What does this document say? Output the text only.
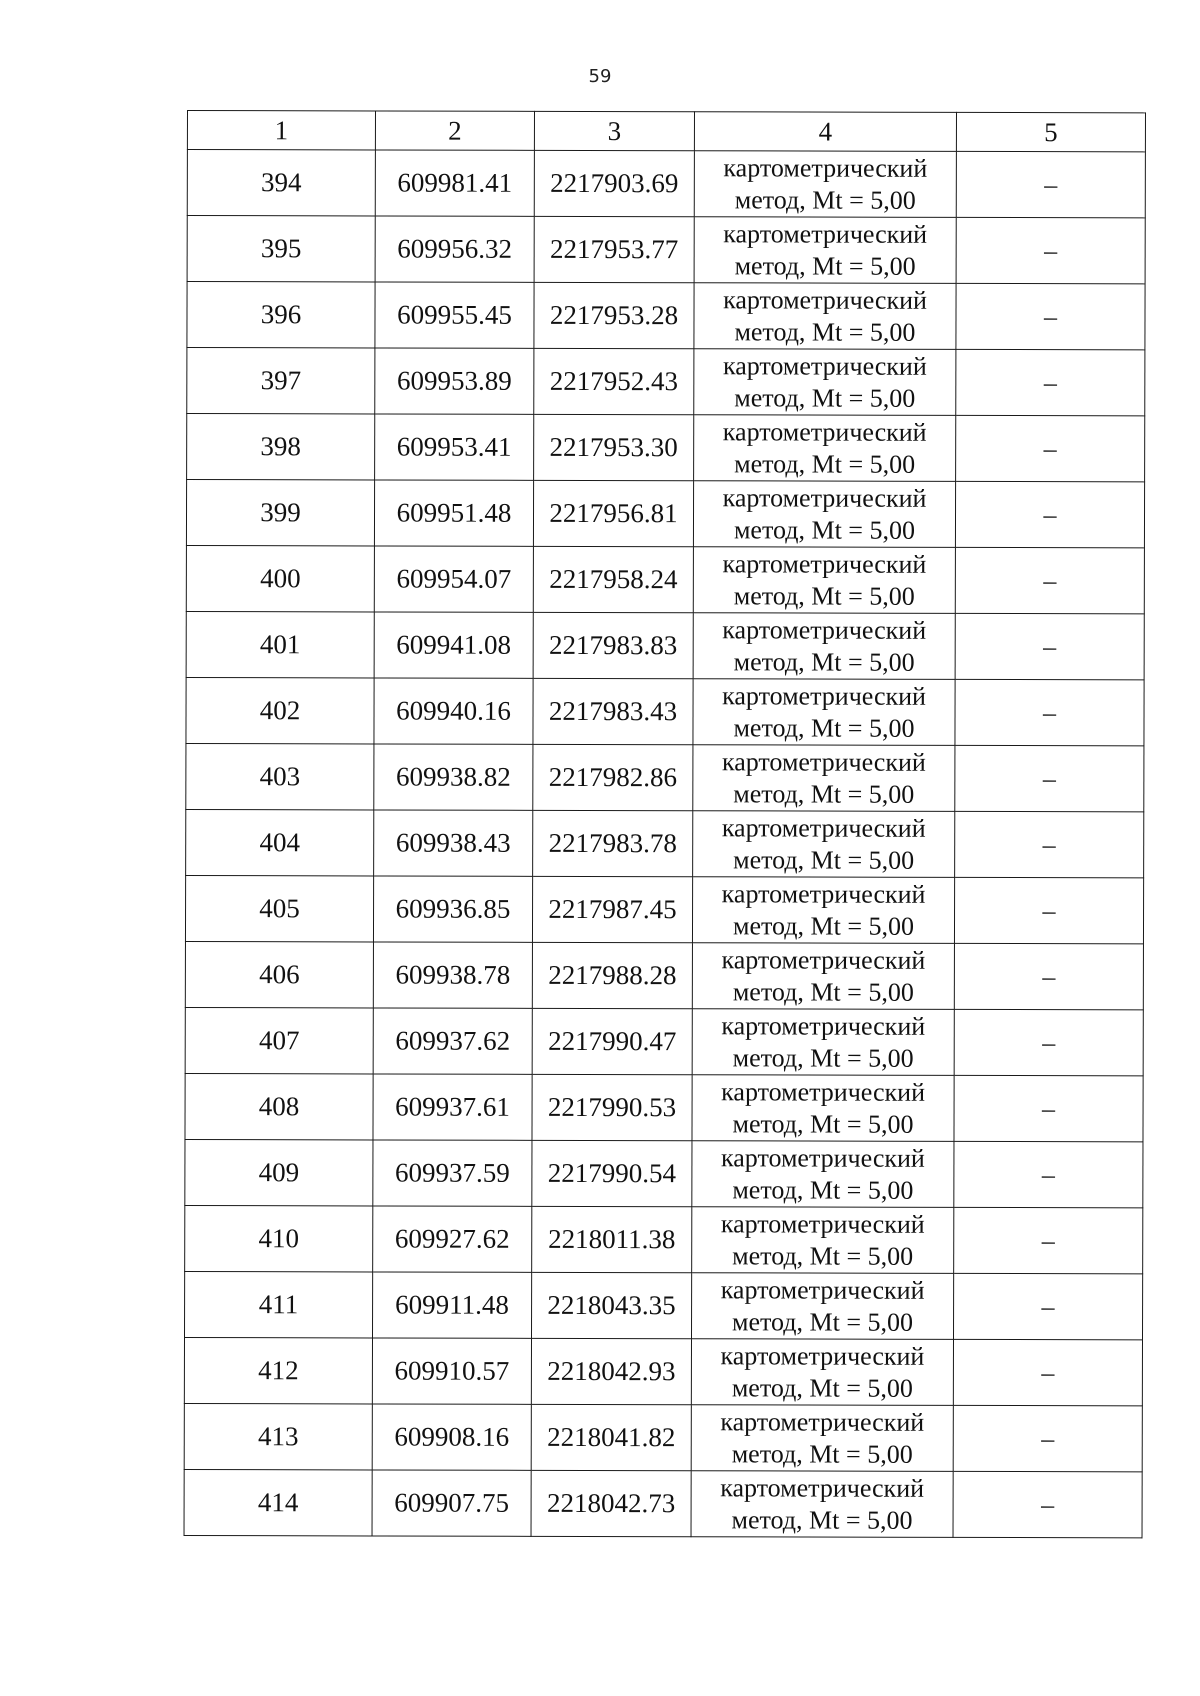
59
1	2	3	4	5
394	609981.41	2217903.69	картометрический
метод, Mt = 5,00	–
395	609956.32	2217953.77	картометрический
метод, Mt = 5,00	–
396	609955.45	2217953.28	картометрический
метод, Mt = 5,00	–
397	609953.89	2217952.43	картометрический
метод, Mt = 5,00	–
398	609953.41	2217953.30	картометрический
метод, Mt = 5,00	–
399	609951.48	2217956.81	картометрический
метод, Mt = 5,00	–
400	609954.07	2217958.24	картометрический
метод, Mt = 5,00	–
401	609941.08	2217983.83	картометрический
метод, Mt = 5,00	–
402	609940.16	2217983.43	картометрический
метод, Mt = 5,00	–
403	609938.82	2217982.86	картометрический
метод, Mt = 5,00	–
404	609938.43	2217983.78	картометрический
метод, Mt = 5,00	–
405	609936.85	2217987.45	картометрический
метод, Mt = 5,00	–
406	609938.78	2217988.28	картометрический
метод, Mt = 5,00	–
407	609937.62	2217990.47	картометрический
метод, Mt = 5,00	–
408	609937.61	2217990.53	картометрический
метод, Mt = 5,00	–
409	609937.59	2217990.54	картометрический
метод, Mt = 5,00	–
410	609927.62	2218011.38	картометрический
метод, Mt = 5,00	–
411	609911.48	2218043.35	картометрический
метод, Mt = 5,00	–
412	609910.57	2218042.93	картометрический
метод, Mt = 5,00	–
413	609908.16	2218041.82	картометрический
метод, Mt = 5,00	–
414	609907.75	2218042.73	картометрический
метод, Mt = 5,00	–
